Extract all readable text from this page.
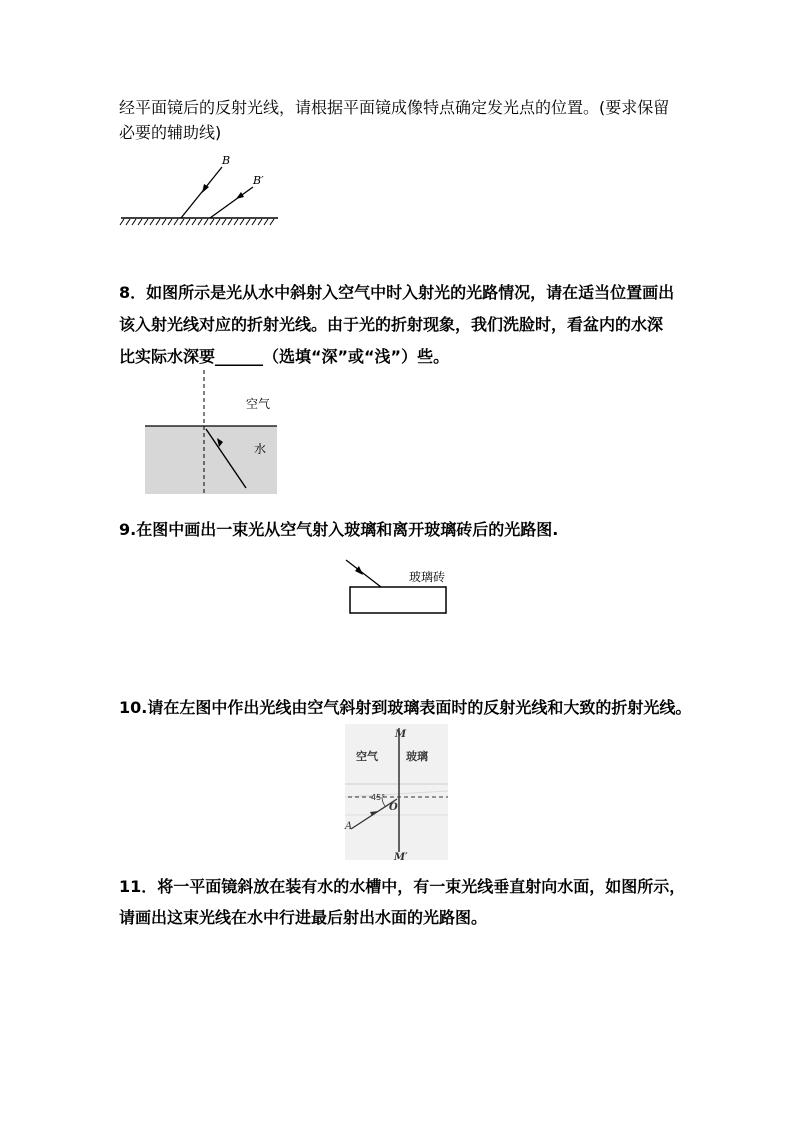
经平面镜后的反射光线，请根据平面镜成像特点确定发光点的位置。(要求保留
必要的辅助线)
B
B′
8．如图所示是光从水中斜射入空气中时入射光的光路情况，请在适当位置画出
该入射光线对应的折射光线。由于光的折射现象，我们洗脸时，看盆内的水深
比实际水深要______（选填“深”或“浅”）些。
空气
水
9.在图中画出一束光从空气射入玻璃和离开玻璃砖后的光路图.
玻璃砖
10.请在左图中作出光线由空气斜射到玻璃表面时的反射光线和大致的折射光线。
M
M′
空气	玻璃
45°
O
A
11．将一平面镜斜放在装有水的水槽中，有一束光线垂直射向水面，如图所示，
请画出这束光线在水中行进最后射出水面的光路图。
